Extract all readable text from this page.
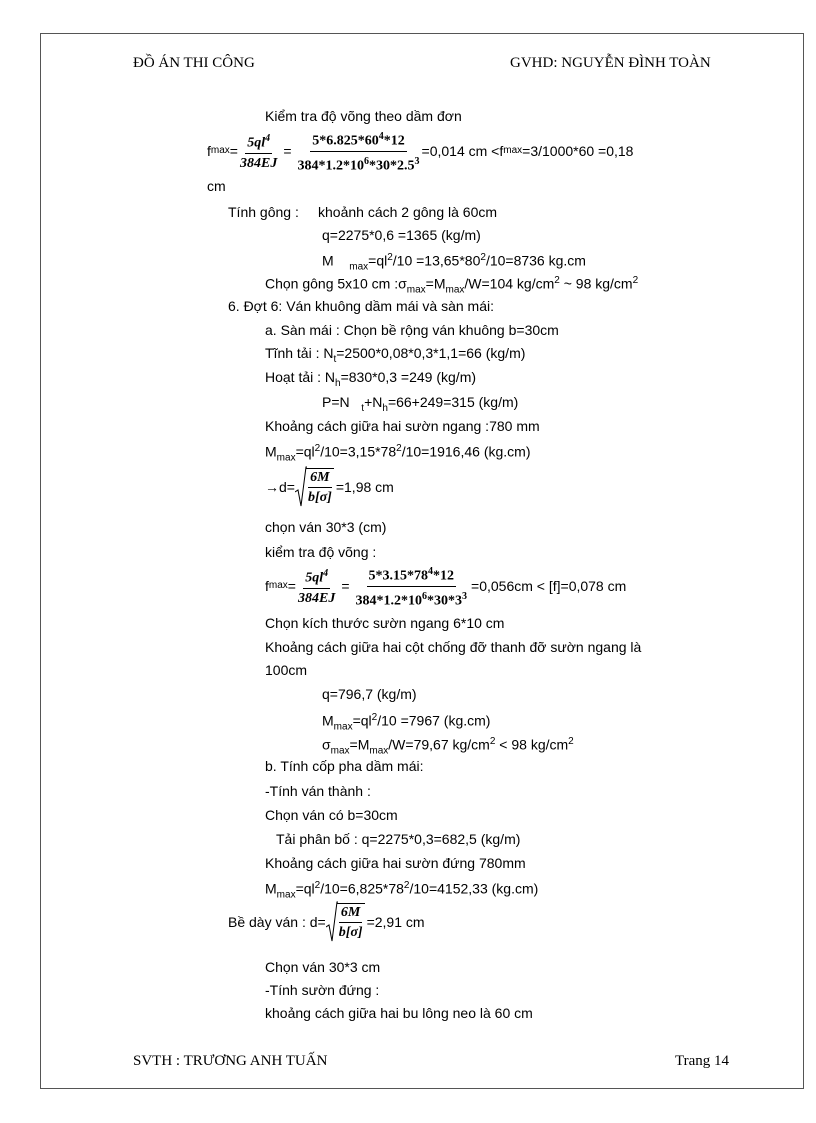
ĐỒ ÁN THI CÔNG	GVHD: NGUYỄN ĐÌNH TOÀN
Kiểm tra độ võng theo dầm đơn
f $\max = \frac{5ql^4}{384EJ} = \frac{5*6.825*60^4*12}{384*1.2*10^6*30*2.5^3} =0,014$ cm <f max =3/1000*60 =0,18
cm
Tính gông : khoảnh cách 2 gông là 60cm
q=2275*0,6 =1365 (kg/m)
M $_{max}=ql^2/10 =13,65*80^2/10=8736$ kg.cm
Chọn gông 5x10 cm $:\sigma_{max}=M_{max}/W=104$ $kg/cm^2$ ~ 98 $kg/cm^2$
6. Đợt 6: Ván khuông dầm mái và sàn mái:
a. Sàn mái : Chọn bề rộng ván khuông b=30cm
Tĩnh tải : $N_t=2500*0,08*0,3*1,1=66$ (kg/m)
Hoạt tải : $N_h=830*0,3 =249$ (kg/m)
P=N $_t+N_h=66+249=315$ (kg/m)
Khoảng cách giữa hai sườn ngang :780 mm
$M_{max}=ql^2/10=3,15*78^2/10=1916,46$ (kg.cm)
$\to d= \frac{6M}{b[\sigma]} =1,98$ cm
chọn ván 30*3 (cm)
kiểm tra độ võng :
f $\max = \frac{5ql^4}{384EJ} = \frac{5*3.15*78^4*12}{384*1.2*10^6*30*3^3} =0,056cm < [f]=0,078$ cm
Chọn kích thước sườn ngang 6*10 cm
Khoảng cách giữa hai cột chống đỡ thanh đỡ sườn ngang là
100cm
q=796,7 (kg/m)
$M_{max}=ql^2/10 =7967$ (kg.cm)
$\sigma_{max}=M_{max}/W=79,67$ $kg/cm^2 < 98$ $kg/cm^2$
b. Tính cốp pha dầm mái:
-Tính ván thành :
Chọn ván có b=30cm
Tải phân bố : q=2275*0,3=682,5 (kg/m)
Khoảng cách giữa hai sườn đứng 780mm
$M_{max}=ql^2/10=6,825*78^2/10=4152,33$ (kg.cm)
Bề dày ván : $d= \frac{6M}{b[\sigma]} =2,91$ cm
Chọn ván 30*3 cm
-Tính sườn đứng :
khoảng cách giữa hai bu lông neo là 60 cm
SVTH : TRƯƠNG ANH TUẤN	Trang 14
